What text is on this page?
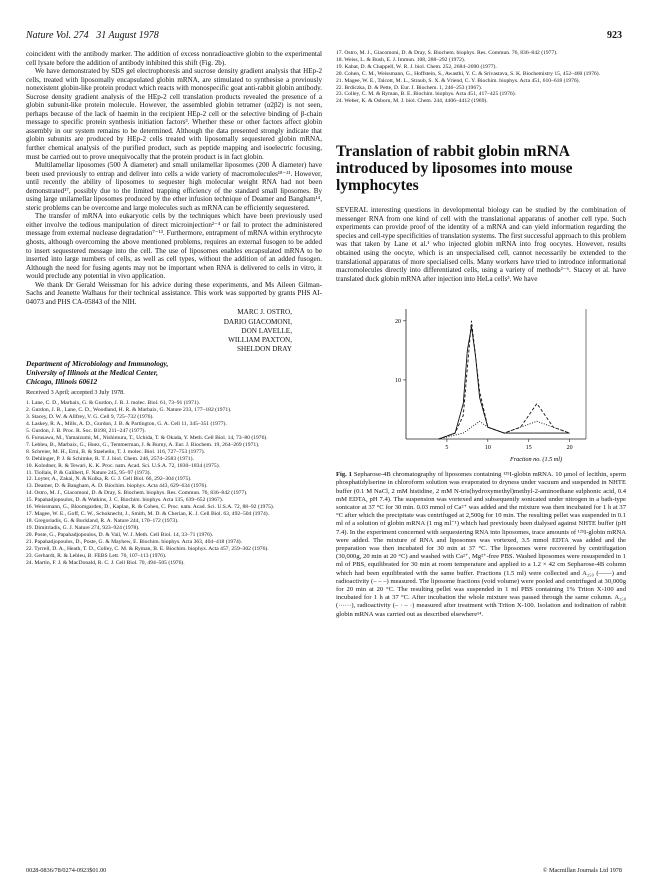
Nature Vol. 274 31 August 1978	923

coincident with the antibody marker. The addition of excess nonradioactive globin to the experimental cell lysate before the addition of antibody inhibited this shift (Fig. 2b).

We have demonstrated by SDS gel electrophoresis and sucrose density gradient analysis that HEp-2 cells, treated with liposomally encapsulated globin mRNA, are stimulated to synthesise a previously nonexistent globin-like protein product which reacts with monospecific goat anti-rabbit globin antibody. Sucrose density gradient analysis of the HEp-2 cell translation products revealed the presence of a globin subunit-like protein molecule. However, the assembled globin tetramer (α2β2) is not seen, perhaps because of the lack of haemin in the recipient HEp-2 cell or the selective binding of β-chain message to specific protein synthesis initiation factors³. Whether these or other factors affect globin assembly in our system remains to be determined. Although the data presented strongly indicate that globin subunits are produced by HEp-2 cells treated with liposomally sequestered globin mRNA, further chemical analysis of the purified product, such as peptide mapping and isoelectric focusing, must be carried out to prove unequivocally that the protein product is in fact globin.

Multilamellar liposomes (500 Å diameter) and small unilamellar liposomes (200 Å diameter) have been used previously to entrap and deliver into cells a wide variety of macromolecules¹⁸⁻²¹. However, until recently the ability of liposomes to sequester high molecular weight RNA had not been demonstrated¹⁷, possibly due to the limited trapping efficiency of the standard small liposomes. By using large unilamellar liposomes produced by the ether infusion technique of Deamer and Bangham¹⁴, steric problems can be overcome and large molecules such as mRNA can be efficiently sequestered.

The transfer of mRNA into eukaryotic cells by the techniques which have been previously used either involve the tedious manipulation of direct microinjection²⁻⁴ or fail to protect the administered message from external nuclease degradation⁷⁻¹³. Furthermore, entrapment of mRNA within erythrocyte ghosts, although overcoming the above mentioned problems, requires an external fusogen to be added to insert sequestered message into the cell. The use of liposomes enables encapsulated mRNA to be inserted into large numbers of cells, as well as cell types, without the addition of an added fusogen. Although the need for fusing agents may not be important when RNA is delivered to cells in vitro, it would preclude any potential in vivo application.

We thank Dr Gerald Weissman for his advice during these experiments, and Ms Aileen Gilman-Sachs and Jeanette Walhaus for their technical assistance. This work was supported by grants PHS AI-04073 and PHS CA-05843 of the NIH.

MARC J. OSTRO,
DARIO GIACOMONI,
DON LAVELLE,
WILLIAM PAXTON,
SHELDON DRAY
Department of Microbiology and Immunology,
University of Illinois at the Medical Center,
Chicago, Illinois 60612
Received 3 April; accepted 3 July 1978.
1. Lane, C. D., Marbaix, G. & Gurdon, J. B. J. molec. Biol. 61, 73–91 (1971).
2. Gurdon, J. B., Lane, C. D., Woodland, H. R. & Marbaix, G. Nature 233, 177–182 (1971).
3. Stacey, D. W. & Allfrey, V. G. Cell 9, 725–732 (1976).
4. Laskey, R. A., Mills, A. D., Gurdon, J. B. & Partington, G. A. Cell 11, 345–351 (1977).
5. Gurdon, J. B. Proc. R. Soc. B198, 211–247 (1977).
6. Furusawa, M., Yamaizumi, M., Nishimura, T., Uchida, T. & Okada, Y. Meth. Cell Biol. 14, 73–80 (1976).
7. Lebleu, B., Marbaix, G., Huez, G., Temmerman, J. & Burny, A. Eur. J. Biochem. 19, 264–269 (1971).
8. Schreier, M. H., Erni, B. & Staehelin, T. J. molec. Biol. 116, 727–753 (1977).
9. Dehlinger, P. J. & Schimke, R. T. J. biol. Chem. 246, 2574–2583 (1971).
10. Kolodner, R. & Tewari, K. K. Proc. natn. Acad. Sci. U.S.A. 72, 1830–1834 (1975).
11. Tiollais, P. & Galibert, F. Nature 245, 95–97 (1973).
12. Loyter, A., Zakai, N. & Kulka, R. G. J. Cell Biol. 66, 292–304 (1975).
13. Deamer, D. & Bangham, A. D. Biochim. biophys. Acta 443, 629–634 (1976).
14. Ostro, M. J., Giacomoni, D. & Dray, S. Biochem. biophys. Res. Commun. 76, 836–842 (1977).
15. Papahadjopoulos, D. & Watkins, J. C. Biochim. biophys. Acta 135, 639–652 (1967).
16. Weissmann, G., Bloomgarden, D., Kaplan, R. & Cohen, C. Proc. natn. Acad. Sci. U.S.A. 72, 88–92 (1975).
17. Magee, W. E., Goff, C. W., Schoknecht, J., Smith, M. D. & Cherian, K. J. Cell Biol. 63, 492–504 (1974).
18. Gregoriadis, G. & Buckland, R. A. Nature 244, 170–172 (1973).
19. Dimitriadis, G. J. Nature 274, 923–924 (1978).
20. Poste, G., Papahadjopoulos, D. & Vail, W. J. Meth. Cell Biol. 14, 33–71 (1976).
21. Papahadjopoulos, D., Poste, G. & Mayhew, E. Biochim. biophys. Acta 363, 404–418 (1974).
22. Tyrrell, D. A., Heath, T. D., Colley, C. M. & Ryman, B. E. Biochim. biophys. Acta 457, 259–302 (1976).
23. Gerhardt, R. & Lebleu, B. FEBS Lett. 70, 107–113 (1976).
24. Martin, F. J. & MacDonald, R. C. J. Cell Biol. 70, 494–505 (1976).
17. Ostro, M. J., Giacomoni, D. & Dray, S. Biochem. biophys. Res. Commun. 76, 836–842 (1977).
18. Weiss, L. & Bush, E. J. Immun. 108, 288–292 (1972).
19. Kabat, D. & Chappell, W. R. J. biol. Chem. 252, 2684–2690 (1977).
20. Cohen, C. M., Weissmann, G., Hoffstein, S., Awasthi, Y. C. & Srivastava, S. K. Biochemistry 15, 452–460 (1976).
21. Magee, W. E., Talcott, M. L., Straub, S. X. & Vriend, C. Y. Biochim. biophys. Acta 451, 610–618 (1976).
22. Brdiczka, D. & Pette, D. Eur. J. Biochem. 1, 246–253 (1967).
23. Colley, C. M. & Ryman, B. E. Biochim. biophys. Acta 451, 417–425 (1976).
24. Weber, K. & Osborn, M. J. biol. Chem. 244, 4406–4412 (1969).
Translation of rabbit globin mRNA introduced by liposomes into mouse lymphocytes

SEVERAL interesting questions in developmental biology can be studied by the combination of messenger RNA from one kind of cell with the translational apparatus of another cell type. Such experiments can provide proof of the identity of a mRNA and can yield information regarding the species and cell-type specificities of translation systems. The first successful approach to this problem was that taken by Lane et al.¹ who injected globin mRNA into frog oocytes. However, results obtained using the oocyte, which is an unspecialised cell, cannot necessarily be extended to the translational apparatus of more specialised cells. Many workers have tried to introduce informational macromolecules directly into differentiated cells, using a variety of methods²⁻⁶. Stacey et al. have translated duck globin mRNA after injection into HeLa cells³. We have

10
20
5	10	15	20
Fraction no. (1.5 ml)
Fig. 1 Sepharose-4B chromatography of liposomes containing ¹²⁵I-globin mRNA. 10 μmol of lecithin, sperm phosphatidylserine in chloroform solution was evaporated to dryness under vacuum and suspended in NHTE buffer (0.1 M NaCl, 2 mM histidine, 2 mM N-tris(hydroxymethyl)methyl-2-aminoethane sulphonic acid, 0.4 mM EDTA, pH 7.4). The suspension was vortexed and subsequently sonicated under nitrogen in a bath-type sonicator at 37 °C for 30 min. 0.03 mmol of Ca²⁺ was added and the mixture was then incubated for 1 h at 37 °C after which the precipitate was centrifuged at 2,500g for 10 min. The resulting pellet was suspended in 0.1 ml of a solution of globin mRNA (1 mg ml⁻¹) which had previously been dialysed against NHTE buffer (pH 7.4). In the experiment concerned with sequestering RNA into liposomes, trace amounts of ¹²⁵I-globin mRNA were added. The mixture of RNA and liposomes was vortexed, 3.5 mmol EDTA was added and the preparation was then incubated for 30 min at 37 °C. The liposomes were recovered by centrifugation (30,000g, 20 min at 20 °C) and washed with Ca²⁺, Mg²⁺-free PBS. Washed liposomes were resuspended in 1 ml of PBS, equilibrated for 30 min at room temperature and applied to a 1.2 × 42 cm Sepharose-4B column which had been equilibrated with the same buffer. Fractions (1.5 ml) were collected and A₂₅₀ (——) and radioactivity (– – –) measured. The liposome fractions (void volume) were pooled and centrifuged at 30,000g for 20 min at 20 °C. The resulting pellet was suspended in 1 ml PBS containing 1% Triton X-100 and incubated for 1 h at 37 °C. After incubation the whole mixture was passed through the same column. A₂₅₀ (······), radioactivity (– · – ·) measured after treatment with Triton X-100. Isolation and iodination of rabbit globin mRNA was carried out as described elsewhere¹⁴.
0028-0836/78/0274-0923$01.00	© Macmillan Journals Ltd 1978
